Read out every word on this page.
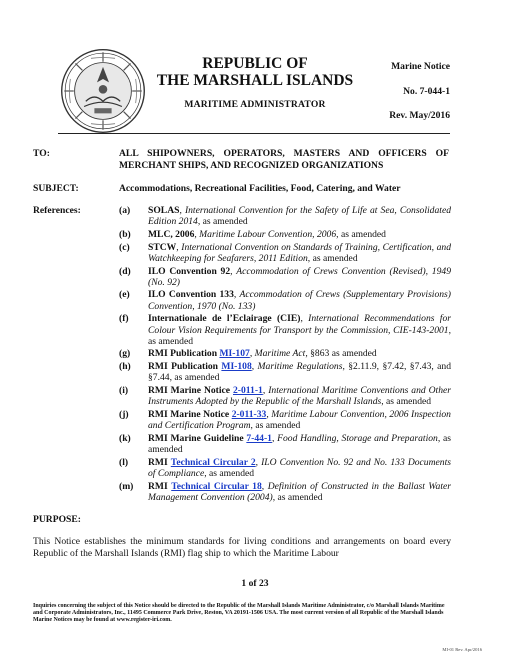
REPUBLIC OF
THE MARSHALL ISLANDS
MARITIME ADMINISTRATOR
Marine Notice
No. 7-044-1
Rev. May/2016
TO:	ALL SHIPOWNERS, OPERATORS, MASTERS AND OFFICERS OF MERCHANT SHIPS, AND RECOGNIZED ORGANIZATIONS
SUBJECT:	Accommodations, Recreational Facilities, Food, Catering, and Water
References:	(a)	SOLAS, International Convention for the Safety of Life at Sea, Consolidated Edition 2014, as amended
(b)	MLC, 2006, Maritime Labour Convention, 2006, as amended
(c)	STCW, International Convention on Standards of Training, Certification, and Watchkeeping for Seafarers, 2011 Edition, as amended
(d)	ILO Convention 92, Accommodation of Crews Convention (Revised), 1949 (No. 92)
(e)	ILO Convention 133, Accommodation of Crews (Supplementary Provisions) Convention, 1970 (No. 133)
(f)	Internationale de l’Eclairage (CIE), International Recommendations for Colour Vision Requirements for Transport by the Commission, CIE-143-2001, as amended
(g)	RMI Publication MI-107, Maritime Act, §863 as amended
(h)	RMI Publication MI-108, Maritime Regulations, §2.11.9, §7.42, §7.43, and §7.44, as amended
(i)	RMI Marine Notice 2-011-1, International Maritime Conventions and Other Instruments Adopted by the Republic of the Marshall Islands, as amended
(j)	RMI Marine Notice 2-011-33, Maritime Labour Convention, 2006 Inspection and Certification Program, as amended
(k)	RMI Marine Guideline 7-44-1, Food Handling, Storage and Preparation, as amended
(l)	RMI Technical Circular 2, ILO Convention No. 92 and No. 133 Documents of Compliance, as amended
(m)	RMI Technical Circular 18, Definition of Constructed in the Ballast Water Management Convention (2004), as amended
PURPOSE:
This Notice establishes the minimum standards for living conditions and arrangements on board every Republic of the Marshall Islands (RMI) flag ship to which the Maritime Labour
1 of 23
Inquiries concerning the subject of this Notice should be directed to the Republic of the Marshall Islands Maritime Administrator, c/o Marshall Islands Maritime and Corporate Administrators, Inc., 11495 Commerce Park Drive, Reston, VA 20191-1506 USA. The most current version of all Republic of the Marshall Islands Marine Notices may be found at www.register-iri.com.
MI-01 Rev. Apr/2016
